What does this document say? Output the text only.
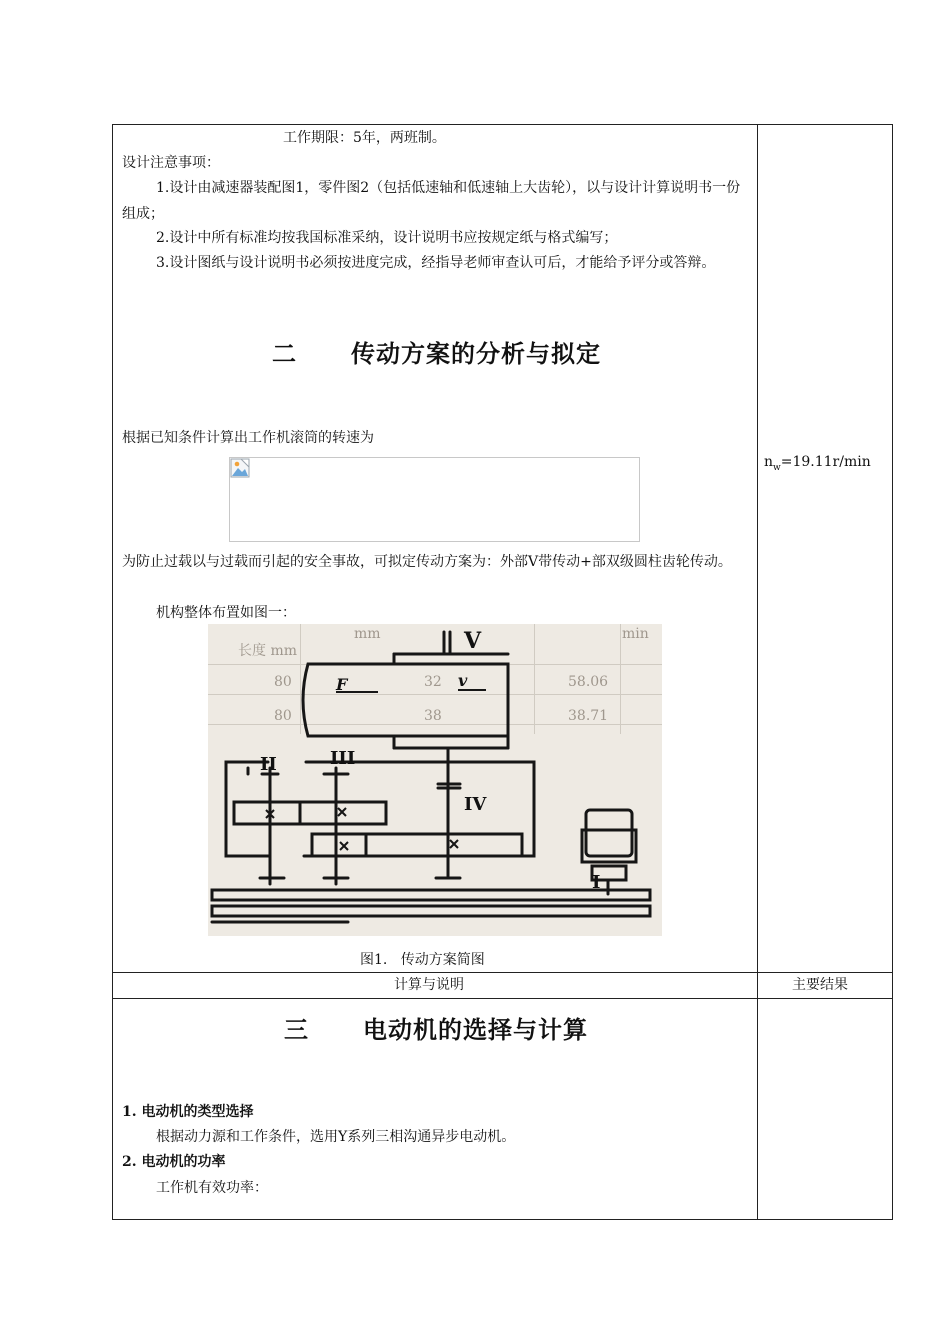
工作期限：5年，两班制。
设计注意事项：
1.设计由减速器装配图1，零件图2（包括低速轴和低速轴上大齿轮），以与设计计算说明书一份组成；
2.设计中所有标准均按我国标准采纳，设计说明书应按规定纸与格式编写；
3.设计图纸与设计说明书必须按进度完成，经指导老师审查认可后，才能给予评分或答辩。
二 传动方案的分析与拟定
根据已知条件计算出工作机滚筒的转速为
$n_w=19.11r/\min$
为防止过载以与过载而引起的安全事故，可拟定传动方案为：外部V带传动+部双级圆柱齿轮传动。
机构整体布置如图一：
长度 mm
mm	min
80	32	58.06
80	38	38.71
V
F	v
II	III
IV
I
图1.   传动方案简图
计算与说明	主要结果
三 电动机的选择与计算
1. 电动机的类型选择
根据动力源和工作条件，选用Y系列三相沟通异步电动机。
2. 电动机的功率
工作机有效功率：
